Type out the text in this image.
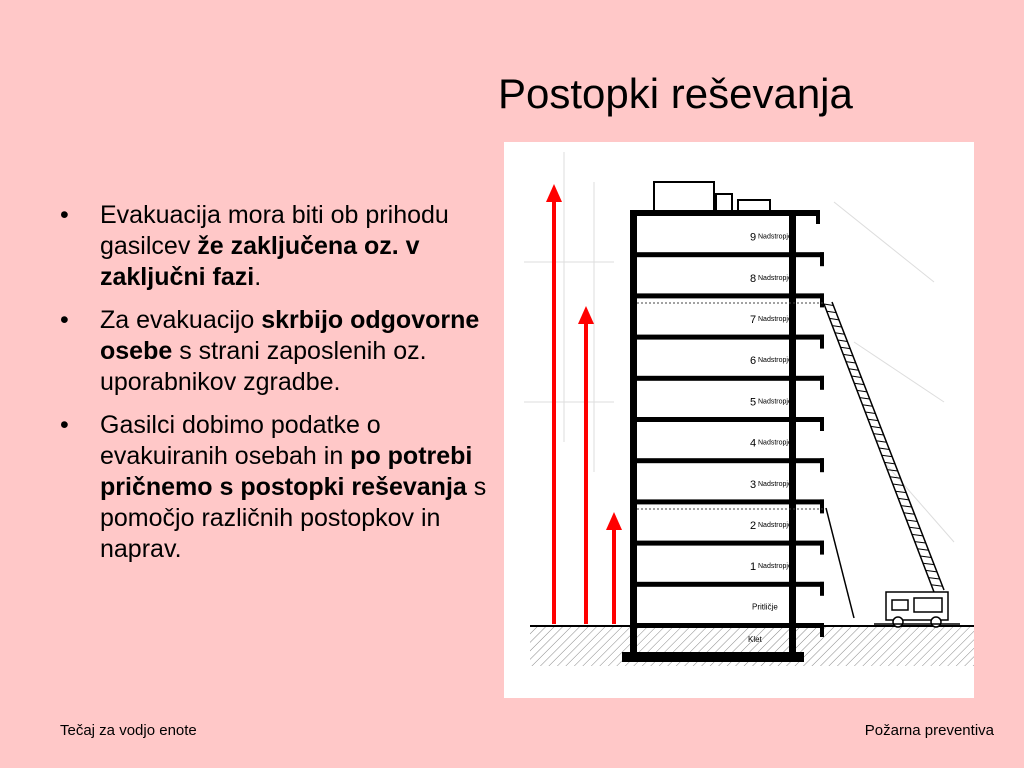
Postopki reševanja
• Evakuacija mora biti ob prihodu gasilcev že zaključena oz. v zaključni fazi.
• Za evakuacijo skrbijo odgovorne osebe s strani zaposlenih oz. uporabnikov zgradbe.
• Gasilci dobimo podatke o evakuiranih osebah in po potrebi pričnemo s postopki reševanja s pomočjo različnih postopkov in naprav.
9 Nadstropje
8 Nadstropje
7 Nadstropje
6 Nadstropje
5 Nadstropje
4 Nadstropje
3 Nadstropje
2 Nadstropje
1 Nadstropje
Pritličje
Klet
Tečaj za vodjo enote	Požarna preventiva
